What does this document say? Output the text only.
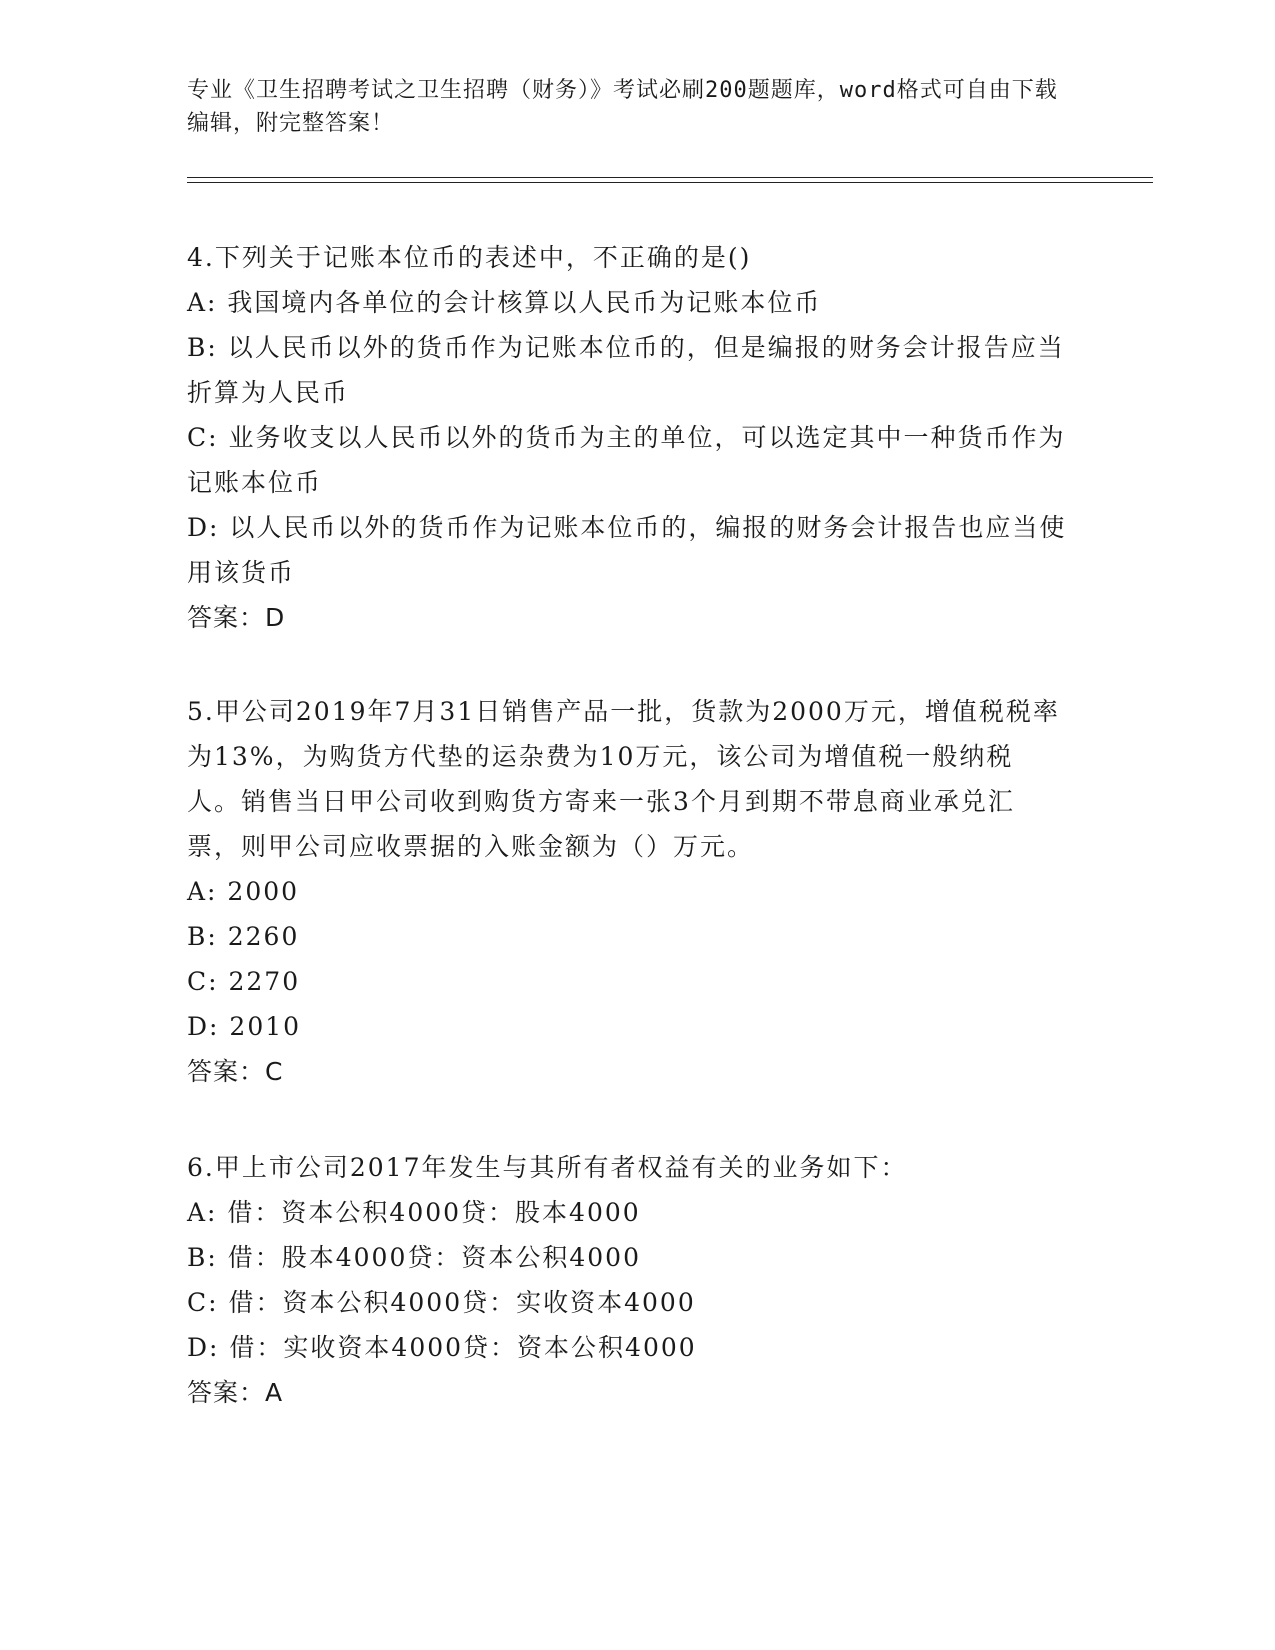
专业《卫生招聘考试之卫生招聘（财务）》考试必刷200题题库，word格式可自由下载编辑，附完整答案！

4.下列关于记账本位币的表述中，不正确的是()

A: 我国境内各单位的会计核算以人民币为记账本位币

B: 以人民币以外的货币作为记账本位币的，但是编报的财务会计报告应当折算为人民币

C: 业务收支以人民币以外的货币为主的单位，可以选定其中一种货币作为记账本位币

D: 以人民币以外的货币作为记账本位币的，编报的财务会计报告也应当使用该货币

答案：D

5.甲公司2019年7月31日销售产品一批，货款为2000万元，增值税税率为13%，为购货方代垫的运杂费为10万元，该公司为增值税一般纳税人。销售当日甲公司收到购货方寄来一张3个月到期不带息商业承兑汇票，则甲公司应收票据的入账金额为（）万元。

A: 2000

B: 2260

C: 2270

D: 2010

答案：C

6.甲上市公司2017年发生与其所有者权益有关的业务如下：

A: 借：资本公积4000贷：股本4000

B: 借：股本4000贷：资本公积4000

C: 借：资本公积4000贷：实收资本4000

D: 借：实收资本4000贷：资本公积4000

答案：A
